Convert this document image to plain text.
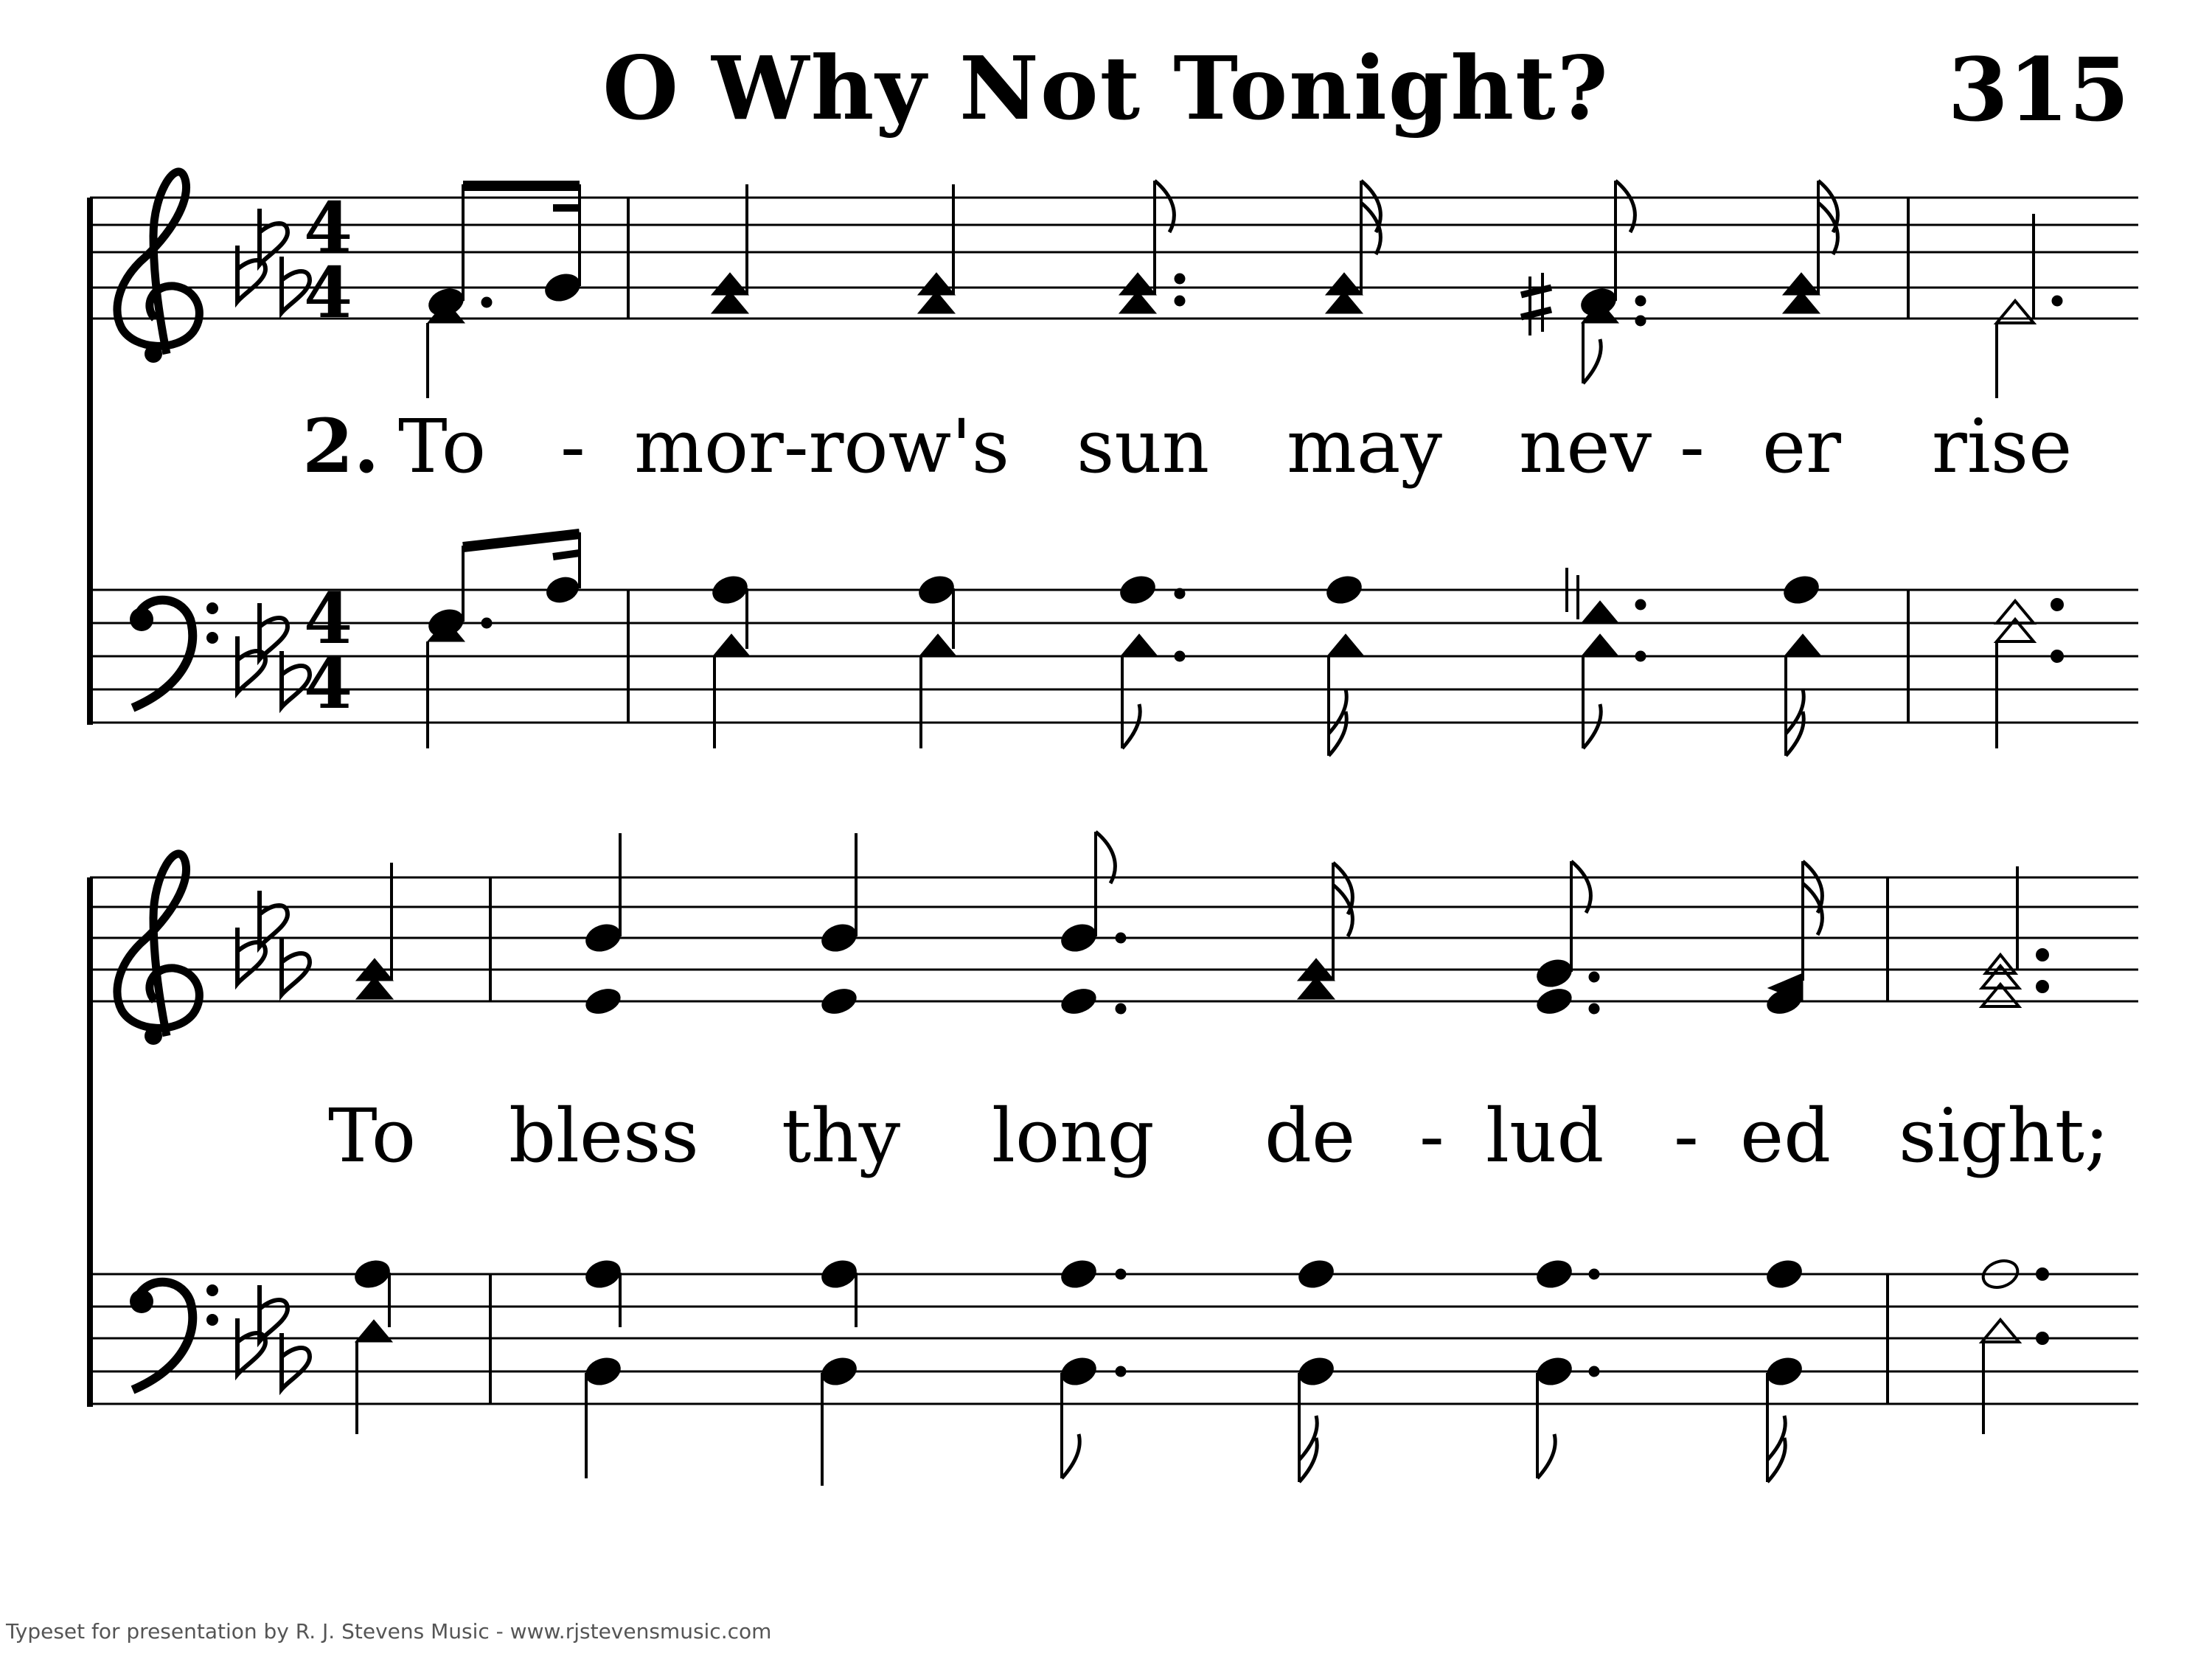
O Why Not Tonight?	315
4
4
4
4
2. To - mor-row's sun may nev - er rise
To bless thy long de - lud - ed sight;
Typeset for presentation by R. J. Stevens Music - www.rjstevensmusic.com
